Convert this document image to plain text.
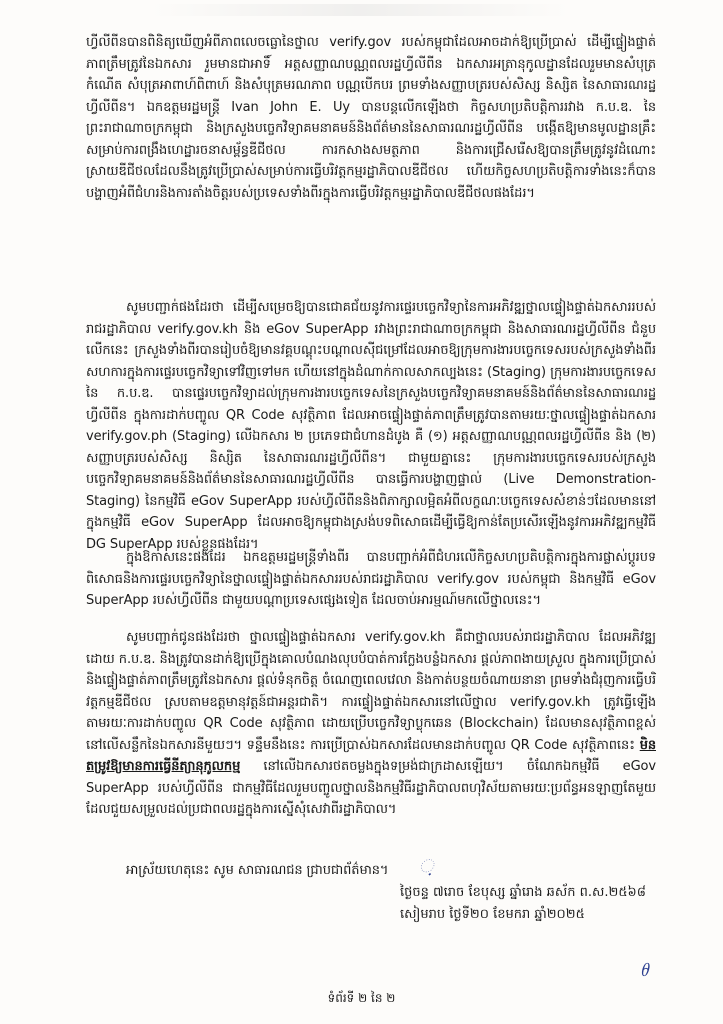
ហ្វីលីពីនបានពិនិត្យឃើញអំពីភាពលេចធ្លោនៃថ្នាល verify.gov របស់កម្ពុជាដែលអាចដាក់ឱ្យប្រើប្រាស់ ដើម្បីផ្ទៀងផ្ទាត់ភាពត្រឹមត្រូវនៃឯកសារ រួមមានជាអាទិ៍ អត្តសញ្ញាណបណ្ណពលរដ្ឋហ្វីលីពីន ឯកសារអត្រានុកូលដ្ឋានដែលរួមមានសំបុត្រកំណើត សំបុត្រអាពាហ៍ពិពាហ៍ និងសំបុត្រមរណភាព បណ្ណបើកបរ ព្រមទាំងសញ្ញាបត្ររបស់សិស្ស និស្សិត នៃសាធារណរដ្ឋហ្វីលីពីន។ ឯកឧត្តមរដ្ឋមន្ត្រី Ivan John E. Uy បានបន្តលើកឡើងថា កិច្ចសហប្រតិបត្តិការរវាង ក.ប.ឌ. នៃព្រះរាជាណាចក្រកម្ពុជា និងក្រសួងបច្ចេកវិទ្យាគមនាគមន៍និងព័ត៌មាននៃសាធារណរដ្ឋហ្វីលីពីន បង្កើតឱ្យមានមូលដ្ឋានគ្រឹះសម្រាប់ការពង្រឹងហេដ្ឋារចនាសម្ព័ន្ធឌីជីថល ការកសាងសមត្ថភាព និងការជ្រើសរើសឱ្យបានត្រឹមត្រូវនូវដំណោះស្រាយឌីជីថលដែលនឹងត្រូវប្រើប្រាស់សម្រាប់ការធ្វើបរិវត្តកម្មរដ្ឋាភិបាលឌីជីថល ហើយកិច្ចសហប្រតិបត្តិការទាំងនេះក៏បានបង្ហាញអំពីជំហរនិងការតាំងចិត្តរបស់ប្រទេសទាំងពីរក្នុងការធ្វើបរិវត្តកម្មរដ្ឋាភិបាលឌីជីថលផងដែរ។
សូមបញ្ជាក់ផងដែរថា ដើម្បីសម្រេចឱ្យបានជោគជ័យនូវការផ្ទេរបច្ចេកវិទ្យានៃការអភិវឌ្ឍថ្នាលផ្ទៀងផ្ទាត់ឯកសាររបស់រាជរដ្ឋាភិបាល verify.gov.kh និង eGov SuperApp រវាងព្រះរាជាណាចក្រកម្ពុជា និងសាធារណរដ្ឋហ្វីលីពីន ជំនួបលើកនេះ ក្រសួងទាំងពីរបានរៀបចំឱ្យមានវគ្គបណ្តុះបណ្តាលស៊ីជម្រៅដែលអាចឱ្យក្រុមការងារបច្ចេកទេសរបស់ក្រសួងទាំងពីរសហការក្នុងការផ្ទេរបច្ចេកវិទ្យាទៅវិញទៅមក ហើយនៅក្នុងដំណាក់កាលសាកល្បងនេះ (Staging) ក្រុមការងារបច្ចេកទេសនៃ ក.ប.ឌ. បានផ្ទេរបច្ចេកវិទ្យាដល់ក្រុមការងារបច្ចេកទេសនៃក្រសួងបច្ចេកវិទ្យាគមនាគមន៍និងព័ត៌មាននៃសាធារណរដ្ឋហ្វីលីពីន ក្នុងការដាក់បញ្ចូល QR Code សុវត្ថិភាព ដែលអាចផ្ទៀងផ្ទាត់ភាពត្រឹមត្រូវបានតាមរយៈថ្នាលផ្ទៀងផ្ទាត់ឯកសារ verify.gov.ph (Staging) លើឯកសារ ២ ប្រភេទជាជំហានដំបូង គឺ (១) អត្តសញ្ញាណបណ្ណពលរដ្ឋហ្វីលីពីន និង (២) សញ្ញាបត្ររបស់សិស្ស និស្សិត នៃសាធារណរដ្ឋហ្វីលីពីន។ ជាមួយគ្នានេះ ក្រុមការងារបច្ចេកទេសរបស់ក្រសួងបច្ចេកវិទ្យាគមនាគមន៍និងព័ត៌មាននៃសាធារណរដ្ឋហ្វីលីពីន បានធ្វើការបង្ហាញផ្ទាល់ (Live Demonstration-Staging) នៃកម្មវិធី eGov SuperApp របស់ហ្វីលីពីននិងពិភាក្សាលម្អិតអំពីលក្ខណៈបច្ចេកទេសសំខាន់ៗដែលមាននៅក្នុងកម្មវិធី eGov SuperApp ដែលអាចឱ្យកម្ពុជាងស្រង់បទពិសោធដើម្បីធ្វើឱ្យកាន់តែប្រសើរឡើងនូវការអភិវឌ្ឍកម្មវិធី DG SuperApp របស់ខ្លួនផងដែរ។
ក្នុងឱកាសនេះផងដែរ ឯកឧត្តមរដ្ឋមន្ត្រីទាំងពីរ បានបញ្ជាក់អំពីជំហរលើកិច្ចសហប្រតិបត្តិការក្នុងការផ្លាស់ប្តូរបទពិសោធនិងការផ្ទេរបច្ចេកវិទ្យានៃថ្នាលផ្ទៀងផ្ទាត់ឯកសាររបស់រាជរដ្ឋាភិបាល verify.gov របស់កម្ពុជា និងកម្មវិធី eGov SuperApp របស់ហ្វីលីពីន ជាមួយបណ្តាប្រទេសផ្សេងទៀត ដែលចាប់អារម្មណ៍មកលើថ្នាលនេះ។
សូមបញ្ជាក់ជូនផងដែរថា ថ្នាលផ្ទៀងផ្ទាត់ឯកសារ verify.gov.kh គឺជាថ្នាលរបស់រាជរដ្ឋាភិបាល ដែលអភិវឌ្ឍដោយ ក.ប.ឌ. និងត្រូវបានដាក់ឱ្យប្រើក្នុងគោលបំណងលុបបំបាត់ការក្លែងបន្លំឯកសារ ផ្តល់ភាពងាយស្រួល ក្នុងការប្រើប្រាស់និងផ្ទៀងផ្ទាត់ភាពត្រឹមត្រូវនៃឯកសារ ផ្តល់ទំនុកចិត្ត ចំណេញពេលវេលា និងកាត់បន្ថយចំណាយនានា ព្រមទាំងជំរុញការធ្វើបរិវត្តកម្មឌីជីថល ស្របតាមឧត្តមានុវត្តន៍ជាអន្តរជាតិ។ ការផ្ទៀងផ្ទាត់ឯកសារនៅលើថ្នាល verify.gov.kh ត្រូវធ្វើឡើងតាមរយៈការដាក់បញ្ចូល QR Code សុវត្ថិភាព ដោយប្រើបច្ចេកវិទ្យាប្លុកឆេន (Blockchain) ដែលមានសុវត្ថិភាពខ្ពស់នៅលើសន្លឹកនៃឯកសារនីមួយៗ។ ទន្ទឹមនឹងនេះ ការប្រើប្រាស់ឯកសារដែលមានដាក់បញ្ចូល QR Code សុវត្ថិភាពនេះ មិនតម្រូវឱ្យមានការធ្វើនីត្យានុកូលកម្ម នៅលើឯកសារថតចម្លងក្នុងទម្រង់ជាក្រដាសឡើយ។ ចំណែកឯកម្មវិធី eGov SuperApp របស់ហ្វីលីពីន ជាកម្មវិធីដែលរួមបញ្ចូលថ្នាលនិងកម្មវិធីរដ្ឋាភិបាលពហុវិស័យតាមរយៈប្រព័ន្ធអនឡាញតែមួយ ដែលជួយសម្រួលដល់ប្រជាពលរដ្ឋក្នុងការស្នើសុំសេវាពីរដ្ឋាភិបាល។
អាស្រ័យហេតុនេះ សូម សាធារណជន ជ្រាបជាព័ត៌មាន។	ᨘ
ថ្ងៃចន្ទ ៧រោច ខែបុស្ស ឆ្នាំរោង ឆស័ក ព.ស.២៥៦៨
សៀមរាប ថ្ងៃទី២០ ខែមករា ឆ្នាំ២០២៥
ᦲ
ទំព័រទី ២ នៃ ២
